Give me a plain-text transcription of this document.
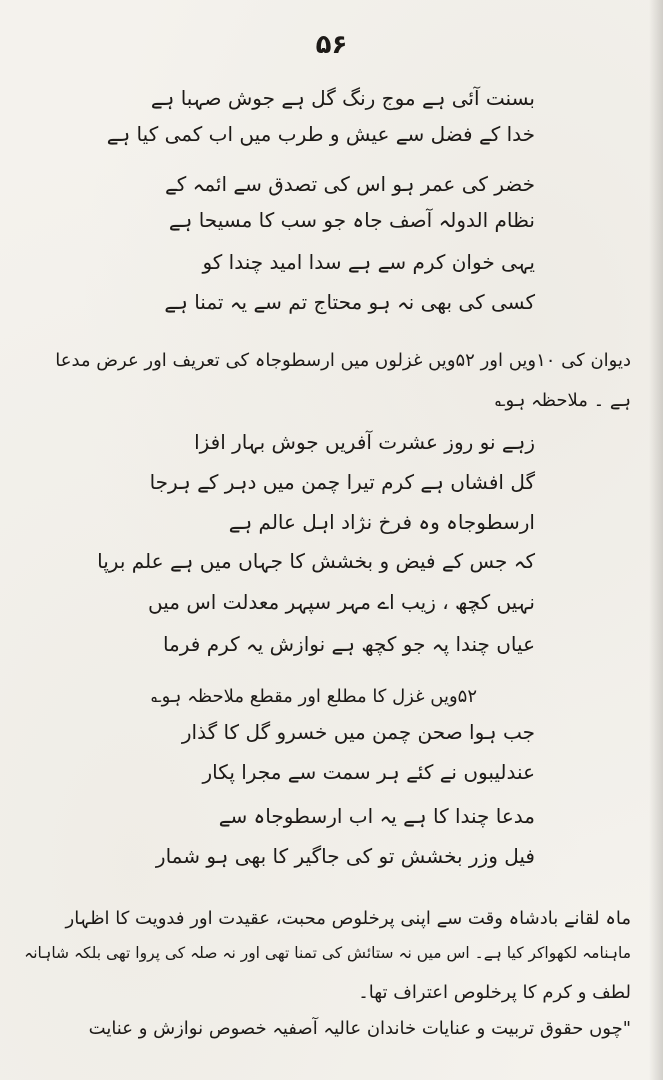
۵۶
بسنت آئی ہے موج رنگ گل ہے جوش صہبا ہے
خدا کے فضل سے عیش و طرب میں اب کمی کیا ہے
خضر کی عمر ہو اس کی تصدق سے ائمہ کے
نظام الدولہ آصف جاہ جو سب کا مسیحا ہے
یہی خوان کرم سے ہے سدا امید چندا کو
کسی کی بھی نہ ہو محتاج تم سے یہ تمنا ہے
دیوان کی ۱۰ویں اور ۵۲ویں غزلوں میں ارسطوجاہ کی تعریف اور عرض مدعا
ہے ۔ ملاحظہ ہو؎
زہے نو روز عشرت آفریں جوش بہار افزا
گل افشاں ہے کرم تیرا چمن میں دہر کے ہرجا
ارسطوجاہ وہ فرخ نژاد اہل عالم ہے
کہ جس کے فیض و بخشش کا جہاں میں ہے علم برپا
نہیں کچھ ، زیب اے مہر سپہر معدلت اس میں
عیاں چندا پہ جو کچھ ہے نوازش یہ کرم فرما
۵۲ویں غزل کا مطلع اور مقطع ملاحظہ ہو؎
جب ہوا صحن چمن میں خسرو گل کا گذار
عندلیبوں نے کئے ہر سمت سے مجرا پکار
مدعا چندا کا ہے یہ اب ارسطوجاہ سے
فیل وزر بخشش تو کی جاگیر کا بھی ہو شمار
ماہ لقانے بادشاہ وقت سے اپنی پرخلوص محبت، عقیدت اور فدویت کا اظہار
ماہنامہ لکھواکر کیا ہے۔ اس میں نہ ستائش کی تمنا تھی اور نہ صلہ کی پروا تھی بلکہ شاہانہ
لطف و کرم کا پرخلوص اعتراف تھا۔
"چوں حقوق تربیت و عنایات خاندان عالیہ آصفیہ خصوص نوازش و عنایت
